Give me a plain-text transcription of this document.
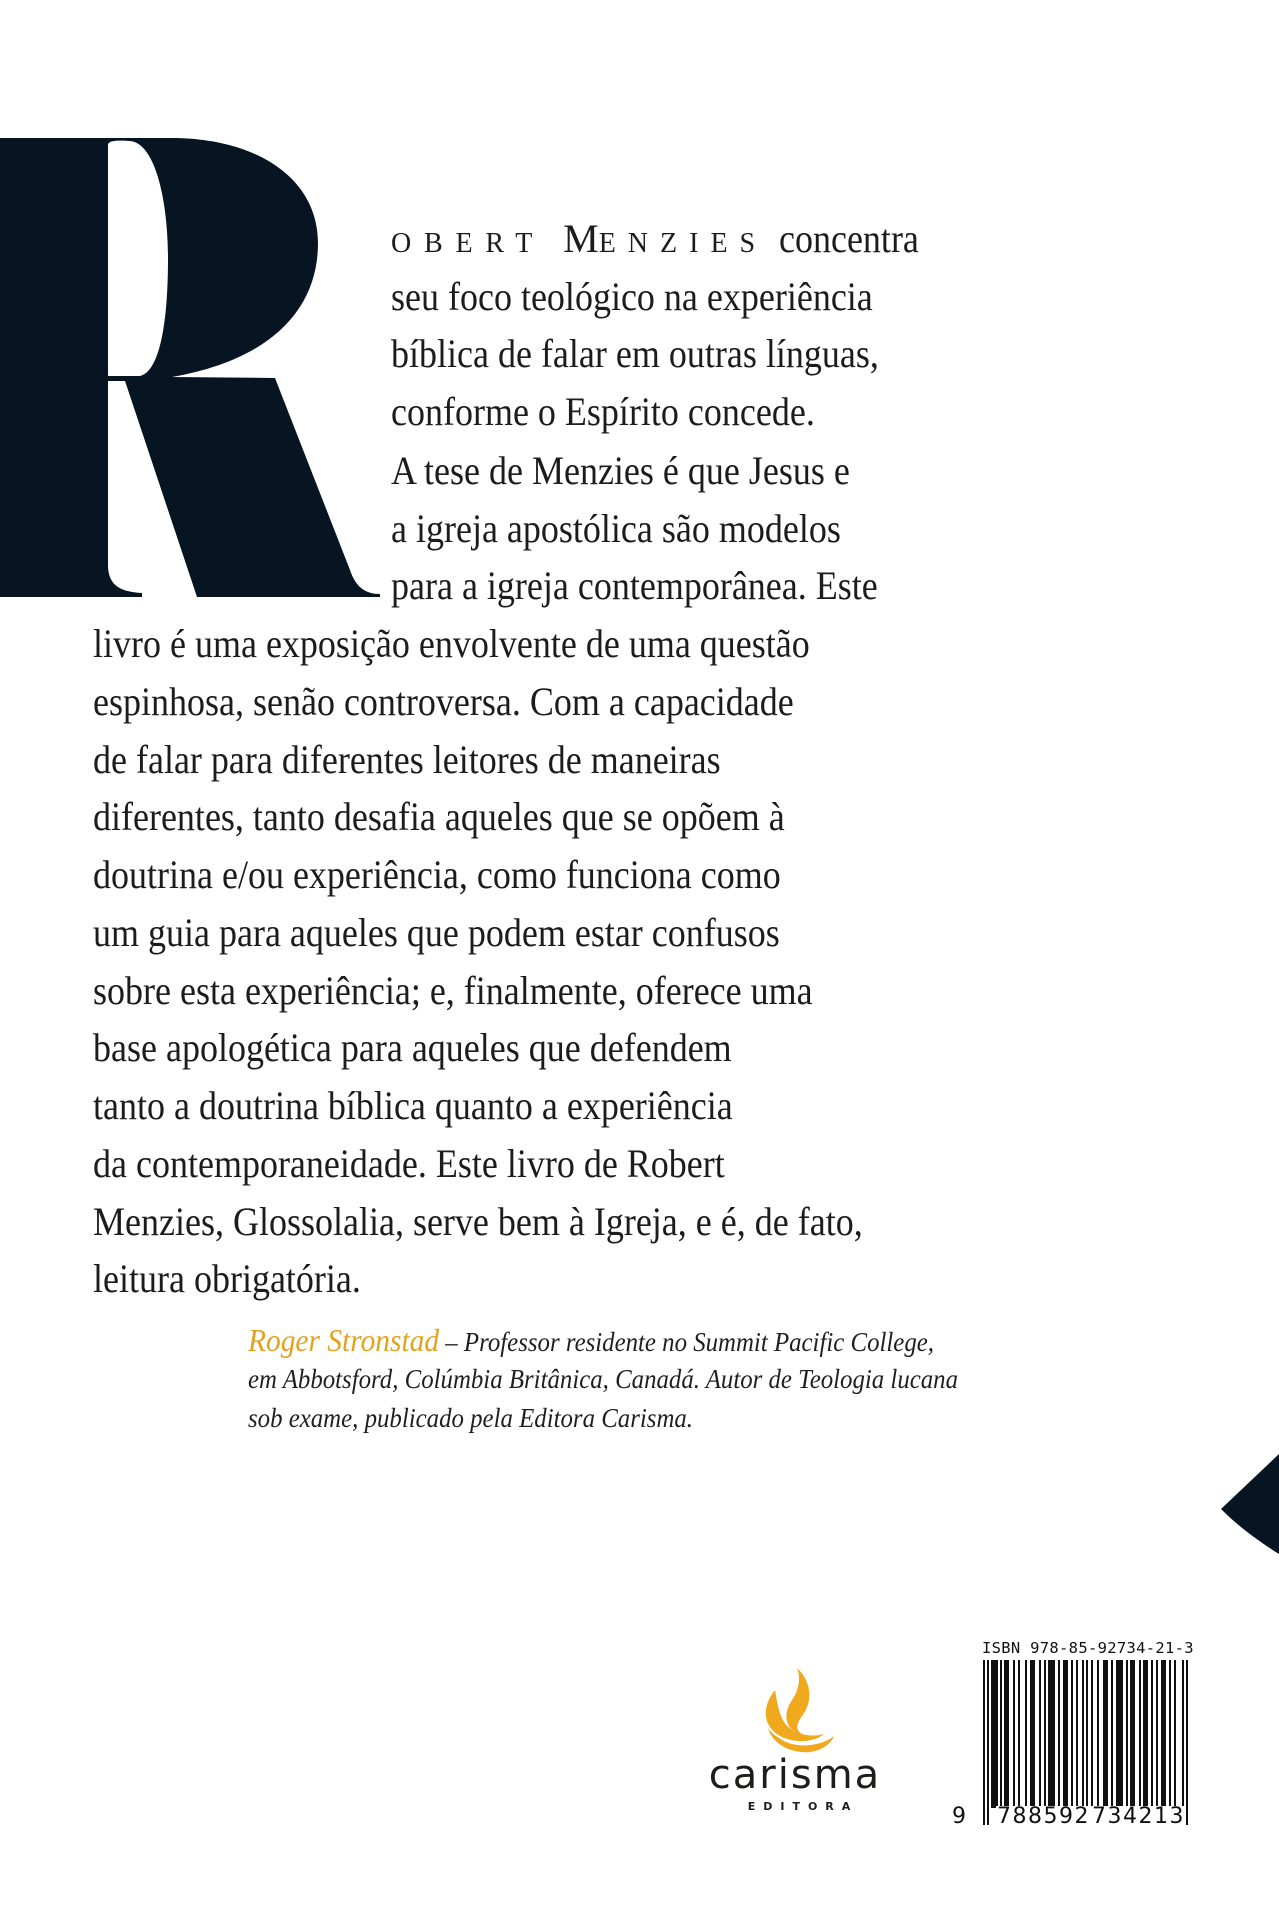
obert Menzies concentra
seu foco teológico na experiência
bíblica de falar em outras línguas,
conforme o Espírito concede.
A tese de Menzies é que Jesus e
a igreja apostólica são modelos
para a igreja contemporânea. Este
livro é uma exposição envolvente de uma questão
espinhosa, senão controversa. Com a capacidade
de falar para diferentes leitores de maneiras
diferentes, tanto desafia aqueles que se opõem à
doutrina e/ou experiência, como funciona como
um guia para aqueles que podem estar confusos
sobre esta experiência; e, finalmente, oferece uma
base apologética para aqueles que defendem
tanto a doutrina bíblica quanto a experiência
da contemporaneidade. Este livro de Robert
Menzies, Glossolalia, serve bem à Igreja, e é, de fato,
leitura obrigatória.
Roger Stronstad – Professor residente no Summit Pacific College,
em Abbotsford, Colúmbia Britânica, Canadá. Autor de Teologia lucana
sob exame, publicado pela Editora Carisma.
carisma
EDITORA
ISBN 978-85-92734-21-3
9 788592 734213
